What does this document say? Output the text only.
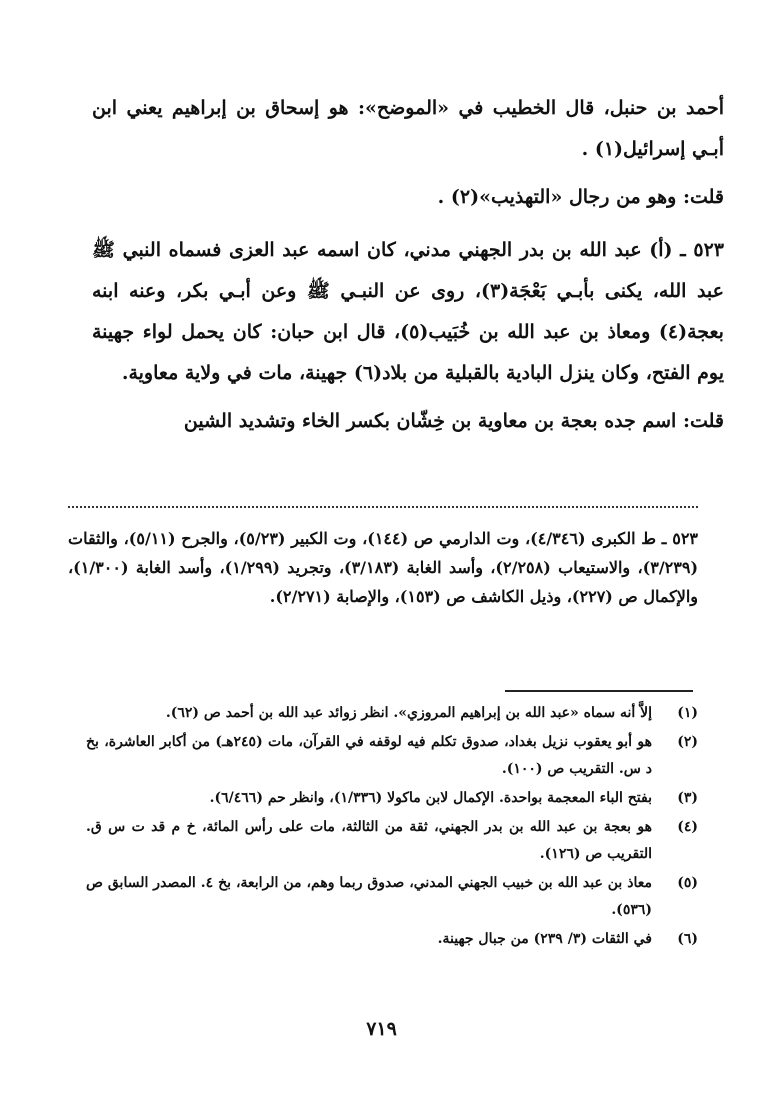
أحمد بن حنبل، قال الخطيب في «الموضح»: هو إسحاق بن إبراهيم يعني ابن أبـي إسرائيل(١) .

قلت: وهو من رجال «التهذيب»(٢) .

٥٢٣ ـ (أ) عبد الله بن بدر الجهني مدني، كان اسمه عبد العزى فسماه النبي ﷺ عبد الله، يكنى بأبـي بَعْجَة(٣)، روى عن النبـي ﷺ وعن أبـي بكر، وعنه ابنه بعجة(٤) ومعاذ بن عبد الله بن خُبَيب(٥)، قال ابن حبان: كان يحمل لواء جهينة يوم الفتح، وكان ينزل البادية بالقبلية من بلاد(٦) جهينة، مات في ولاية معاوية.

قلت: اسم جده بعجة بن معاوية بن خِشّان بكسر الخاء وتشديد الشين

٥٢٣ ـ ط الكبرى (٤/٣٤٦)، وت الدارمي ص (١٤٤)، وت الكبير (٥/٢٣)، والجرح (٥/١١)، والثقات (٣/٢٣٩)، والاستيعاب (٢/٢٥٨)، وأسد الغابة (٣/١٨٣)، وتجريد (١/٢٩٩)، وأسد الغابة (١/٣٠٠)، والإكمال ص (٢٢٧)، وذيل الكاشف ص (١٥٣)، والإصابة (٢/٢٧١).

(١)
إلاَّ أنه سماه «عبد الله بن إبراهيم المروزي». انظر زوائد عبد الله بن أحمد ص (٦٢).
(٢)
هو أبو يعقوب نزيل بغداد، صدوق تكلم فيه لوقفه في القرآن، مات (٢٤٥هـ) من أكابر العاشرة، بخ د س. التقريب ص (١٠٠).
(٣)
بفتح الباء المعجمة بواحدة. الإكمال لابن ماكولا (١/٣٣٦)، وانظر حم (٦/٤٦٦).
(٤)
هو بعجة بن عبد الله بن بدر الجهني، ثقة من الثالثة، مات على رأس المائة، خ م قد ت س ق. التقريب ص (١٢٦).
(٥)
معاذ بن عبد الله بن خبيب الجهني المدني، صدوق ربما وهم، من الرابعة، بخ ٤. المصدر السابق ص (٥٣٦).
(٦)
في الثقات (٣/ ٢٣٩) من جبال جهينة.
٧١٩
